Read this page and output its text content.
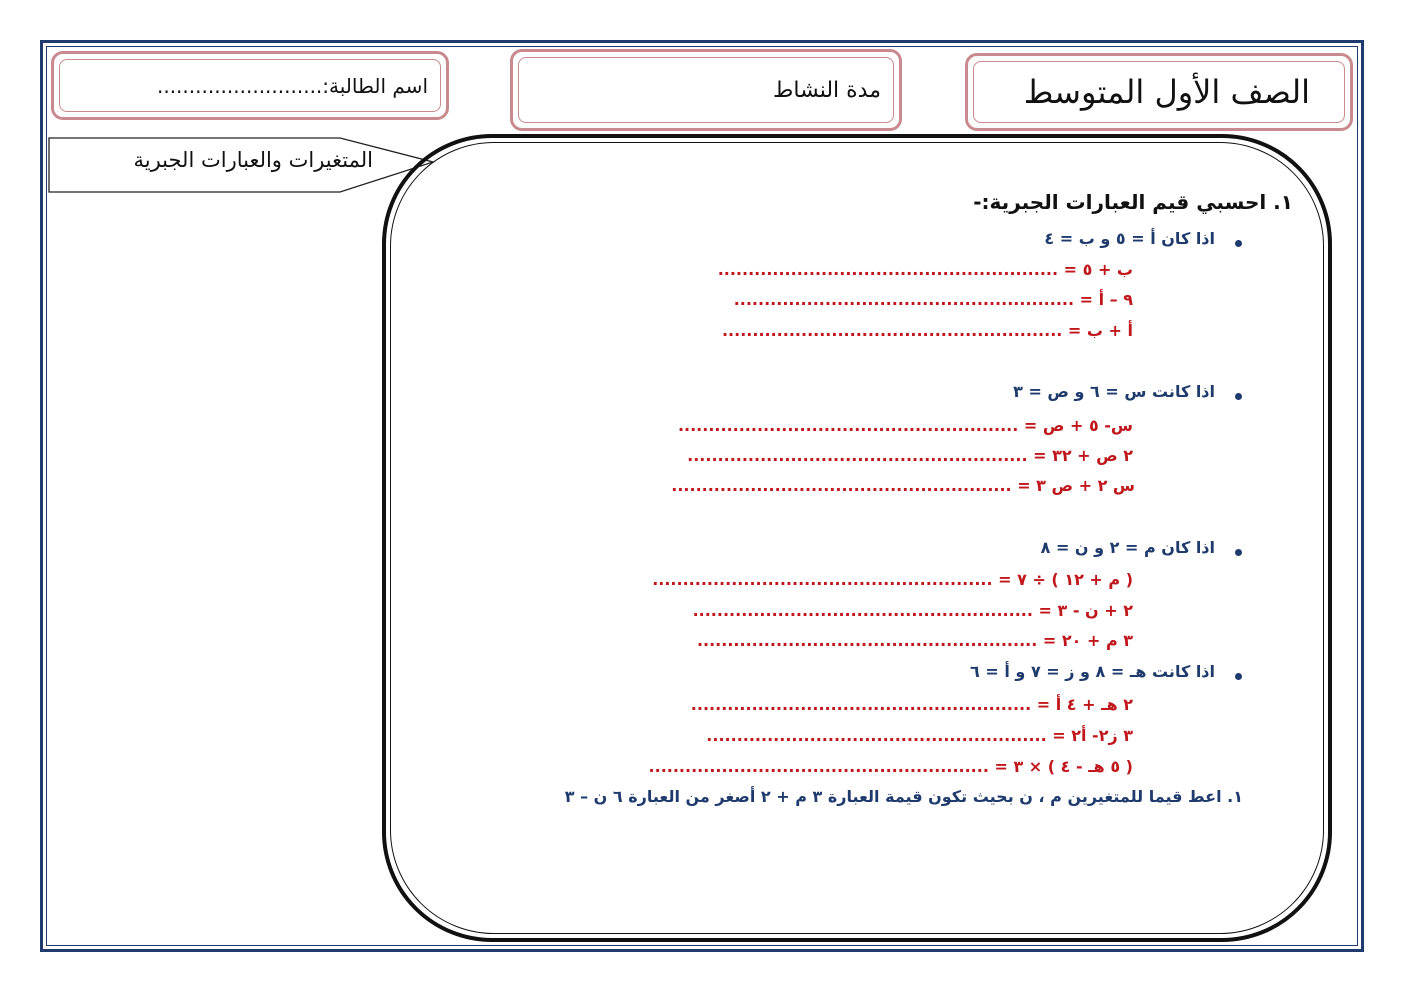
الصف الأول المتوسط
مدة النشاط
اسم الطالبة:..........................
المتغيرات والعبارات الجبرية
١. احسبي قيم العبارات الجبرية:-
اذا كان أ = ٥ و ب = ٤
ب + ٥ = ........................................................
٩ – أ = ........................................................
أ + ب = ........................................................
اذا كانت س = ٦ و ص = ٣
س- ٥ + ص = ........................................................
٢ ص + ٣٢ = ........................................................
س ٢ + ص ٣ = ........................................................
اذا كان م = ٢ و ن = ٨
( م + ١٢ ) ÷ ٧ = ........................................................
٢ + ن - ٣ = ........................................................
٣ م + ٢٠ = ........................................................
اذا كانت هـ = ٨ و ز = ٧ و أ = ٦
٢ هـ + ٤ أ = ........................................................
٣ ز٢- أ٢ = ........................................................
( ٥ هـ - ٤ ) × ٣ = ........................................................
١. اعط قيما للمتغيرين م ، ن بحيث تكون قيمة العبارة ٣ م + ٢ أصغر من العبارة ٦ ن – ٣
